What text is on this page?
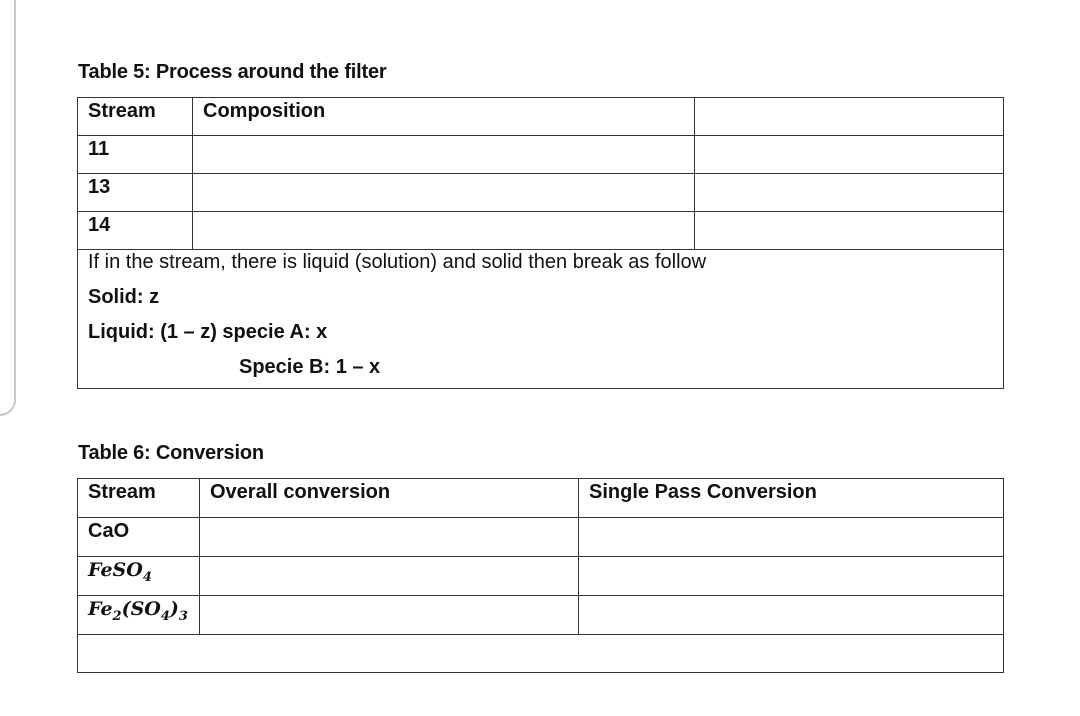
Table 5: Process around the filter
Stream	Composition	

11		

13		

14		

If in the stream, there is liquid (solution) and solid then break as follow
Solid: z
Liquid: (1 – z) specie A: x
Specie B: 1 – x		
Table 6: Conversion
Stream	Overall conversion	Single Pass Conversion

CaO		

FeSO$_4$

$Fe_2(SO_4)_3$
